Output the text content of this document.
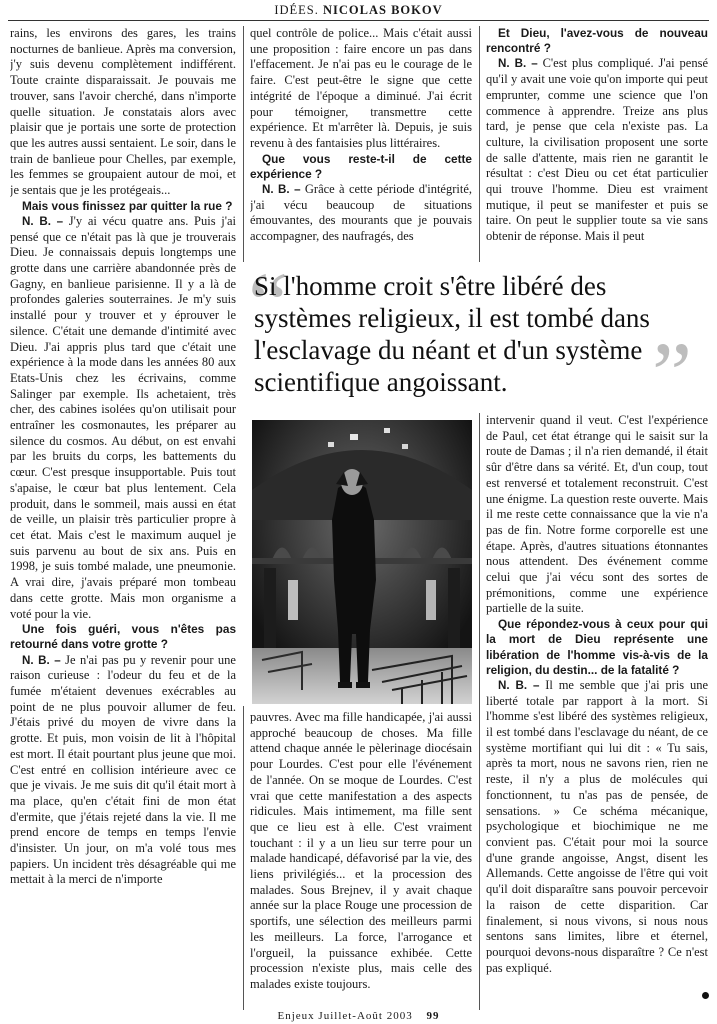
IDÉES. NICOLAS BOKOV

rains, les environs des gares, les trains nocturnes de banlieue. Après ma conversion, j'y suis devenu complètement indifférent. Toute crainte disparaissait. Je pouvais me trouver, sans l'avoir cherché, dans n'importe quelle situation. Je constatais alors avec plaisir que je portais une sorte de protection que les autres aussi sentaient. Le soir, dans le train de banlieue pour Chelles, par exemple, les femmes se groupaient autour de moi, et je sentais que je les protégeais...

Mais vous finissez par quitter la rue ?

N. B. – J'y ai vécu quatre ans. Puis j'ai pensé que ce n'était pas là que je trouverais Dieu. Je connaissais depuis longtemps une grotte dans une carrière abandonnée près de Gagny, en banlieue parisienne. Il y a là de profondes galeries souterraines. Je m'y suis installé pour y trouver et y éprouver le silence. C'était une demande d'intimité avec Dieu. J'ai appris plus tard que c'était une expérience à la mode dans les années 80 aux Etats-Unis chez les écrivains, comme Salinger par exemple. Ils achetaient, très cher, des cabines isolées qu'on utilisait pour entraîner les cosmonautes, les préparer au silence du cosmos. Au début, on est envahi par les bruits du corps, les battements du cœur. C'est presque insupportable. Puis tout s'apaise, le cœur bat plus lentement. Cela produit, dans le sommeil, mais aussi en état de veille, un plaisir très particulier propre à cet état. Mais c'est le maximum auquel je suis parvenu au bout de six ans. Puis en 1998, je suis tombé malade, une pneumonie. A vrai dire, j'avais préparé mon tombeau dans cette grotte. Mais mon organisme a voté pour la vie.

Une fois guéri, vous n'êtes pas retourné dans votre grotte ?

N. B. – Je n'ai pas pu y revenir pour une raison curieuse : l'odeur du feu et de la fumée m'étaient devenues exécrables au point de ne plus pouvoir allumer de feu. J'étais privé du moyen de vivre dans la grotte. Et puis, mon voisin de lit à l'hôpital est mort. Il était pourtant plus jeune que moi. C'est entré en collision intérieure avec ce que je vivais. Je me suis dit qu'il était mort à ma place, qu'en c'était fini de mon état d'ermite, que j'étais rejeté dans la vie. Il me prend encore de temps en temps l'envie d'insister. Un jour, on m'a volé tous mes papiers. Un incident très désagréable qui me mettait à la merci de n'importe

quel contrôle de police... Mais c'était aussi une proposition : faire encore un pas dans l'effacement. Je n'ai pas eu le courage de le faire. C'est peut-être le signe que cette intégrité de l'époque a diminué. J'ai écrit pour témoigner, transmettre cette expérience. Et m'arrêter là. Depuis, je suis revenu à des fantaisies plus littéraires.

Que vous reste-t-il de cette expérience ?

N. B. – Grâce à cette période d'intégrité, j'ai vécu beaucoup de situations émouvantes, des mourants que je pouvais accompagner, des naufragés, des

pauvres. Avec ma fille handicapée, j'ai aussi approché beaucoup de choses. Ma fille attend chaque année le pèlerinage diocésain pour Lourdes. C'est pour elle l'événement de l'année. On se moque de Lourdes. C'est vrai que cette manifestation a des aspects ridicules. Mais intimement, ma fille sent que ce lieu est à elle. C'est vraiment touchant : il y a un lieu sur terre pour un malade handicapé, défavorisé par la vie, des liens privilégiés... et la procession des malades. Sous Brejnev, il y avait chaque année sur la place Rouge une procession de sportifs, une sélection des meilleurs parmi les meilleurs. La force, l'arrogance et l'orgueil, la puissance exhibée. Cette procession n'existe plus, mais celle des malades existe toujours.

Et Dieu, l'avez-vous de nouveau rencontré ?

N. B. – C'est plus compliqué. J'ai pensé qu'il y avait une voie qu'on importe qui peut emprunter, comme une science que l'on commence à apprendre. Treize ans plus tard, je pense que cela n'existe pas. La culture, la civilisation proposent une sorte de salle d'attente, mais rien ne garantit le résultat : c'est Dieu ou cet état particulier qui trouve l'homme. Dieu est vraiment mutique, il peut se manifester et puis se taire. On peut le supplier toute sa vie sans obtenir de réponse. Mais il peut

intervenir quand il veut. C'est l'expérience de Paul, cet état étrange qui le saisit sur la route de Damas ; il n'a rien demandé, il était sûr d'être dans sa vérité. Et, d'un coup, tout est renversé et totalement reconstruit. C'est une énigme. La question reste ouverte. Mais il me reste cette connaissance que la vie n'a pas de fin. Notre forme corporelle est une étape. Après, d'autres situations étonnantes nous attendent. Des événement comme celui que j'ai vécu sont des sortes de prémonitions, comme une expérience partielle de la suite.

Que répondez-vous à ceux pour qui la mort de Dieu représente une libération de l'homme vis-à-vis de la religion, du destin... de la fatalité ?

N. B. – Il me semble que j'ai pris une liberté totale par rapport à la mort. Si l'homme s'est libéré des systèmes religieux, il est tombé dans l'esclavage du néant, de ce système mortifiant qui lui dit : « Tu sais, après ta mort, nous ne savons rien, rien ne reste, il n'y a plus de molécules qui fonctionnent, tu n'as pas de pensée, de sensations. » Ce schéma mécanique, psychologique et biochimique ne me convient pas. C'était pour moi la source d'une grande angoisse, Angst, disent les Allemands. Cette angoisse de l'être qui voit qu'il doit disparaître sans pouvoir percevoir la raison de cette disparition. Car finalement, si nous vivons, si nous nous sentons sans limites, libre et éternel, pourquoi devons-nous disparaître ? Ce n'est pas expliqué.

“
”
Si l'homme croit s'être libéré des systèmes religieux, il est tombé dans l'esclavage du néant et d'un système scientifique angoissant.
Enjeux Juillet-Août 2003 99
